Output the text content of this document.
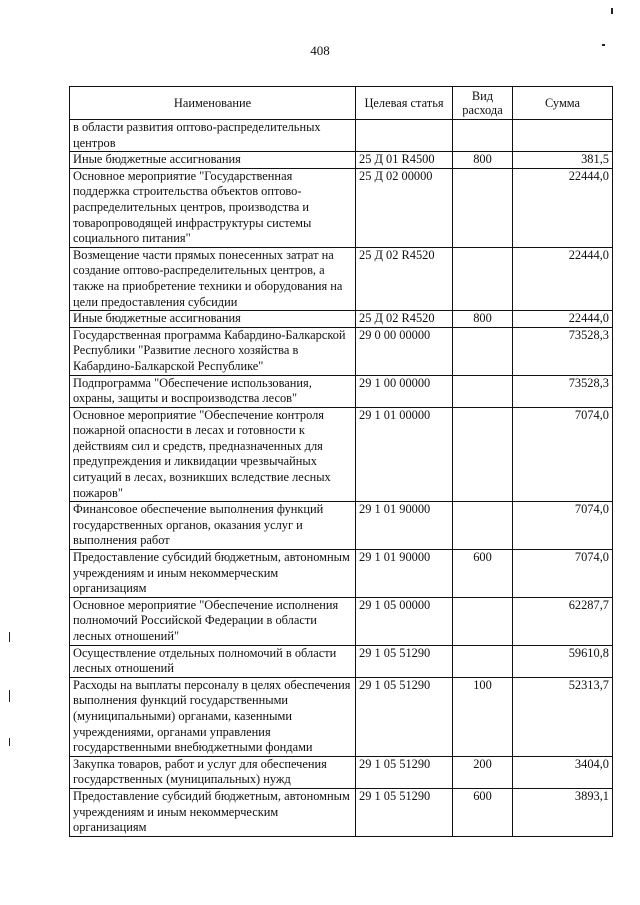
408
Наименование	Целевая статья	Вид расхода	Сумма
в области развития оптово-распределительных центров			
Иные бюджетные ассигнования	25 Д 01 R4500	800	381,5
Основное мероприятие "Государственная поддержка строительства объектов оптово-распределительных центров, производства и товаропроводящей инфраструктуры системы социального питания"	25 Д 02 00000		22444,0
Возмещение части прямых понесенных затрат на создание оптово-распределительных центров, а также на приобретение техники и оборудования на цели предоставления субсидии	25 Д 02 R4520		22444,0
Иные бюджетные ассигнования	25 Д 02 R4520	800	22444,0
Государственная программа Кабардино-Балкарской Республики "Развитие лесного хозяйства в Кабардино-Балкарской Республике"	29 0 00 00000		73528,3
Подпрограмма "Обеспечение использования, охраны, защиты и воспроизводства лесов"	29 1 00 00000		73528,3
Основное мероприятие "Обеспечение контроля пожарной опасности в лесах и готовности к действиям сил и средств, предназначенных для предупреждения и ликвидации чрезвычайных ситуаций в лесах, возникших вследствие лесных пожаров"	29 1 01 00000		7074,0
Финансовое обеспечение выполнения функций государственных органов, оказания услуг и выполнения работ	29 1 01 90000		7074,0
Предоставление субсидий бюджетным, автономным учреждениям и иным некоммерческим организациям	29 1 01 90000	600	7074,0
Основное мероприятие "Обеспечение исполнения полномочий Российской Федерации в области лесных отношений"	29 1 05 00000		62287,7
Осуществление отдельных полномочий в области лесных отношений	29 1 05 51290		59610,8
Расходы на выплаты персоналу в целях обеспечения выполнения функций государственными (муниципальными) органами, казенными учреждениями, органами управления государственными внебюджетными фондами	29 1 05 51290	100	52313,7
Закупка товаров, работ и услуг для обеспечения государственных (муниципальных) нужд	29 1 05 51290	200	3404,0
Предоставление субсидий бюджетным, автономным учреждениям и иным некоммерческим организациям	29 1 05 51290	600	3893,1
